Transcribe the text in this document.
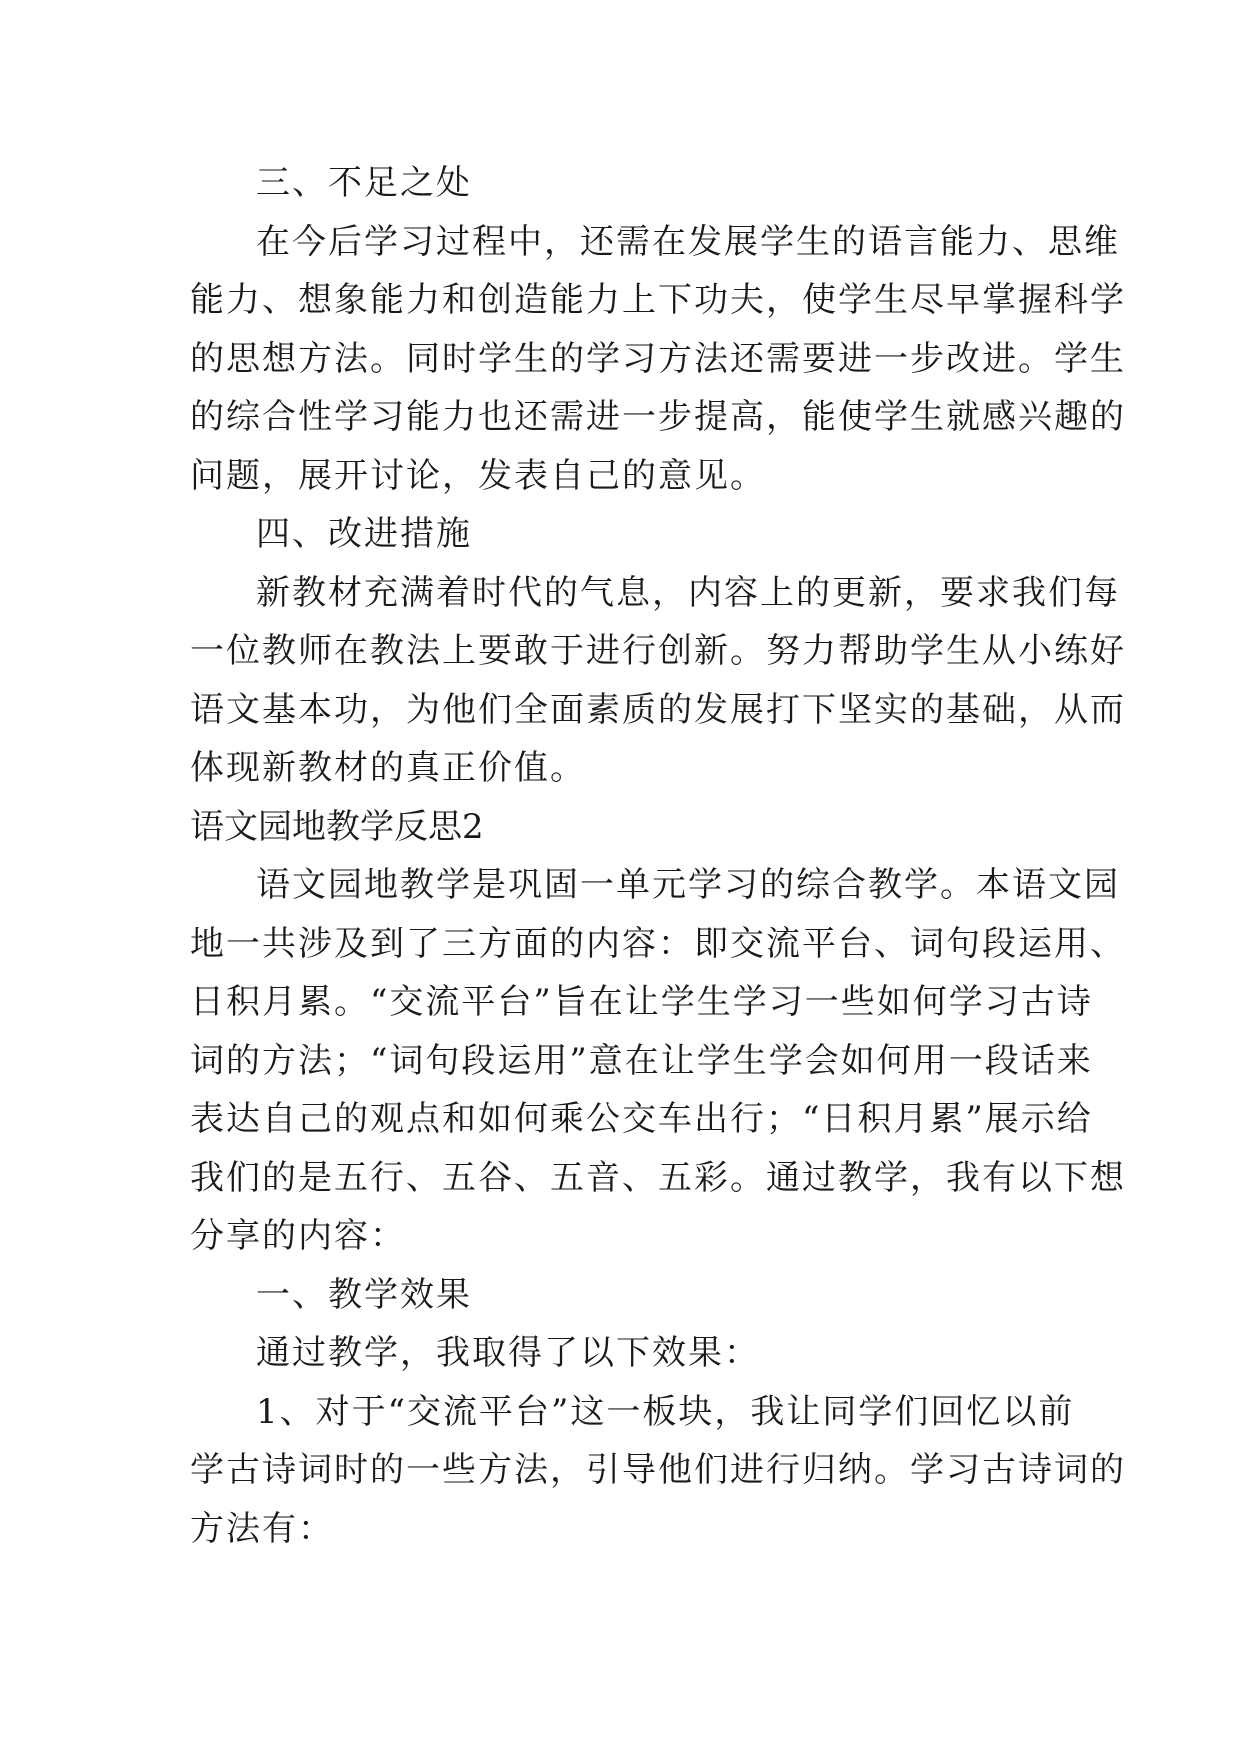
三、不足之处
在今后学习过程中，还需在发展学生的语言能力、思维
能力、想象能力和创造能力上下功夫，使学生尽早掌握科学
的思想方法。同时学生的学习方法还需要进一步改进。学生
的综合性学习能力也还需进一步提高，能使学生就感兴趣的
问题，展开讨论，发表自己的意见。
四、改进措施
新教材充满着时代的气息，内容上的更新，要求我们每
一位教师在教法上要敢于进行创新。努力帮助学生从小练好
语文基本功，为他们全面素质的发展打下坚实的基础，从而
体现新教材的真正价值。
语文园地教学反思2
语文园地教学是巩固一单元学习的综合教学。本语文园
地一共涉及到了三方面的内容：即交流平台、词句段运用、
日积月累。“交流平台”旨在让学生学习一些如何学习古诗
词的方法；“词句段运用”意在让学生学会如何用一段话来
表达自己的观点和如何乘公交车出行；“日积月累”展示给
我们的是五行、五谷、五音、五彩。通过教学，我有以下想
分享的内容：
一、教学效果
通过教学，我取得了以下效果：
1、对于“交流平台”这一板块，我让同学们回忆以前
学古诗词时的一些方法，引导他们进行归纳。学习古诗词的
方法有：
